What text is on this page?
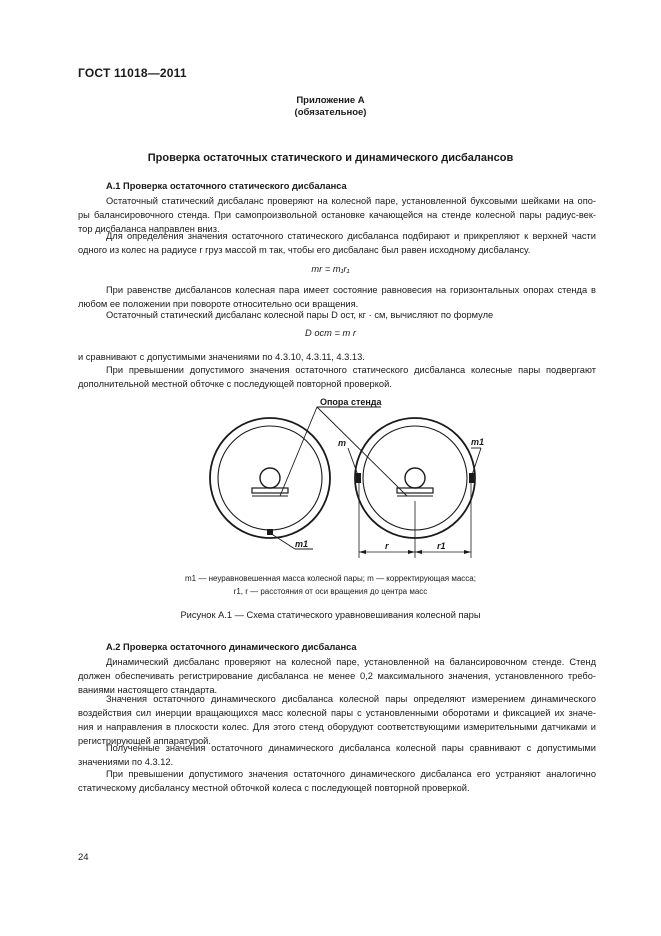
ГОСТ 11018—2011
Приложение А
(обязательное)
Проверка остаточных статического и динамического дисбалансов
А.1 Проверка остаточного статического дисбаланса
Остаточный статический дисбаланс проверяют на колесной паре, установленной буксовыми шейками на опо-
ры балансировочного стенда. При самопроизвольной остановке качающейся на стенде колесной пары радиус-век-
тор дисбаланса направлен вниз.
Для определения значения остаточного статического дисбаланса подбирают и прикрепляют к верхней части
одного из колес на радиусе r груз массой m так, чтобы его дисбаланс был равен исходному дисбалансу.
mr = m₁r₁
При равенстве дисбалансов колесная пара имеет состояние равновесия на горизонтальных опорах стенда в
любом ее положении при повороте относительно оси вращения.
Остаточный статический дисбаланс колесной пары D ост, кг · см, вычисляют по формуле
D ост = m r
и сравнивают с допустимыми значениями по 4.3.10, 4.3.11, 4.3.13.
При превышении допустимого значения остаточного статического дисбаланса колесные пары подвергают
дополнительной местной обточке с последующей повторной проверкой.
Опора стенда
m	m1
m1	r	r1
m1 — неуравновешенная масса колесной пары; m — корректирующая масса;
r1, r — расстояния от оси вращения до центра масс
Рисунок А.1 — Схема статического уравновешивания колесной пары
А.2 Проверка остаточного динамического дисбаланса
Динамический дисбаланс проверяют на колесной паре, установленной на балансировочном стенде. Стенд
должен обеспечивать регистрирование дисбаланса не менее 0,2 максимального значения, установленного требо-
ваниями настоящего стандарта.
Значения остаточного динамического дисбаланса колесной пары определяют измерением динамического
воздействия сил инерции вращающихся масс колесной пары с установленными оборотами и фиксацией их значе-
ния и направления в плоскости колес. Для этого стенд оборудуют соответствующими измерительными датчиками и
регистрирующей аппаратурой.
Полученные значения остаточного динамического дисбаланса колесной пары сравнивают с допустимыми
значениями по 4.3.12.
При превышении допустимого значения остаточного динамического дисбаланса его устраняют аналогично
статическому дисбалансу местной обточкой колеса с последующей повторной проверкой.
24
